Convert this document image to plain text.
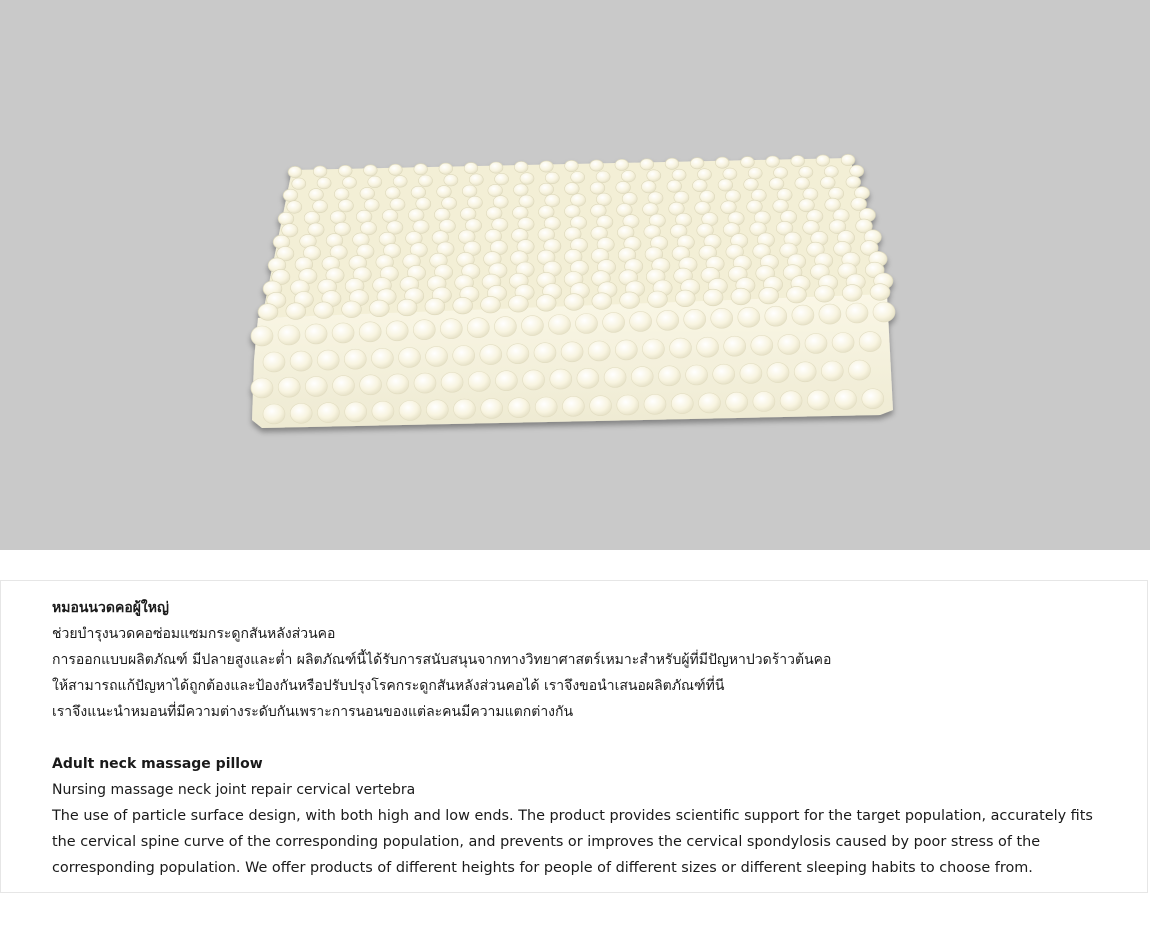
หมอนนวดคอผู้ใหญ่
ช่วยบำรุงนวดคอซ่อมแซมกระดูกสันหลังส่วนคอ
การออกแบบผลิตภัณฑ์ มีปลายสูงและต่ำ ผลิตภัณฑ์นี้ได้รับการสนับสนุนจากทางวิทยาศาสตร์เหมาะสำหรับผู้ที่มีปัญหาปวดร้าวต้นคอ
ให้สามารถแก้ปัญหาได้ถูกต้องและป้องกันหรือปรับปรุงโรคกระดูกสันหลังส่วนคอได้ เราจึงขอนำเสนอผลิตภัณฑ์ที่นี
เราจึงแนะนำหมอนที่มีความต่างระดับกันเพราะการนอนของแต่ละคนมีความแตกต่างกัน
Adult neck massage pillow
Nursing massage neck joint repair cervical vertebra
The use of particle surface design, with both high and low ends. The product provides scientific support for the target population, accurately fits the cervical spine curve of the corresponding population, and prevents or improves the cervical spondylosis caused by poor stress of the corresponding population. We offer products of different heights for people of different sizes or different sleeping habits to choose from.
